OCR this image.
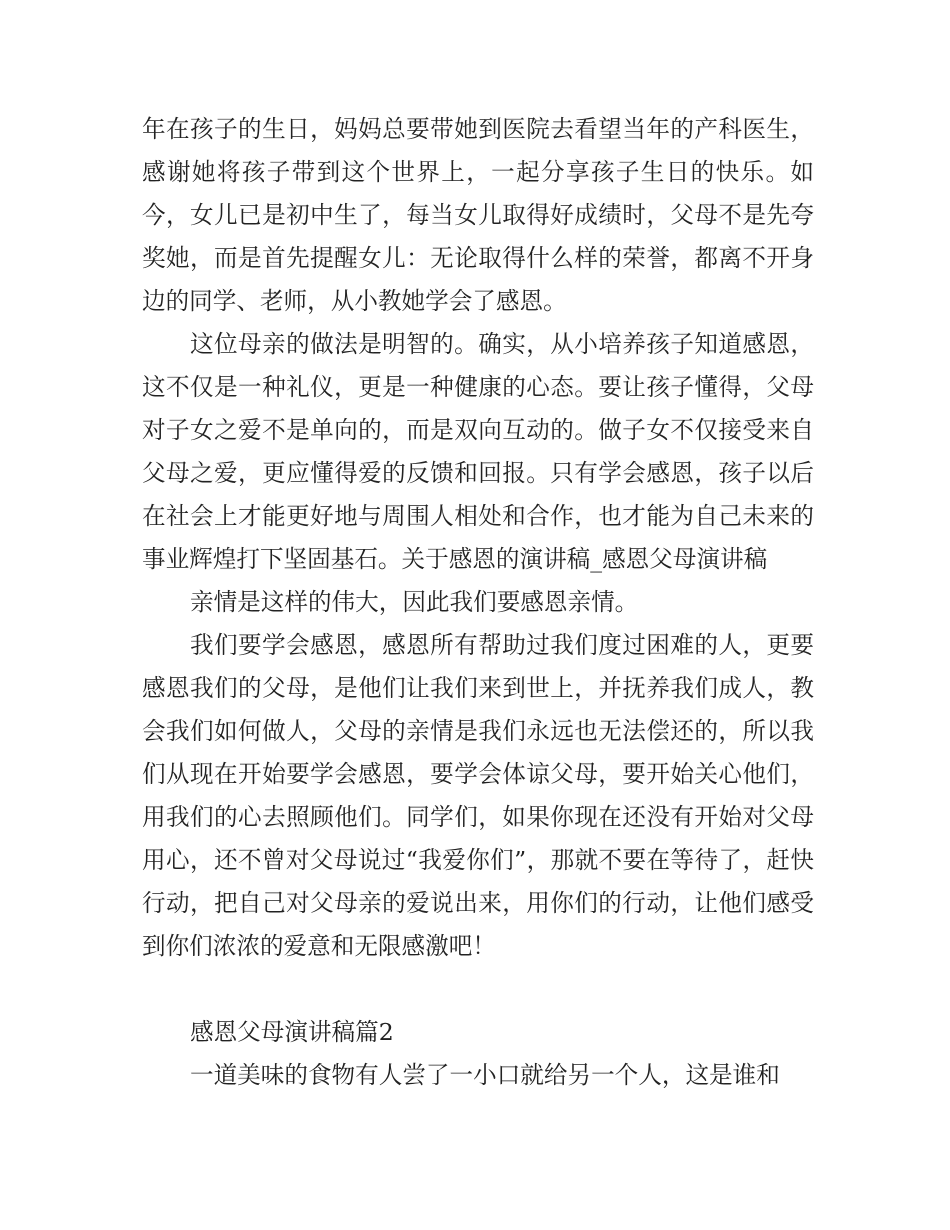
年在孩子的生日，妈妈总要带她到医院去看望当年的产科医生，感谢她将孩子带到这个世界上，一起分享孩子生日的快乐。如今，女儿已是初中生了，每当女儿取得好成绩时，父母不是先夸奖她，而是首先提醒女儿：无论取得什么样的荣誉，都离不开身边的同学、老师，从小教她学会了感恩。

这位母亲的做法是明智的。确实，从小培养孩子知道感恩，这不仅是一种礼仪，更是一种健康的心态。要让孩子懂得，父母对子女之爱不是单向的，而是双向互动的。做子女不仅接受来自父母之爱，更应懂得爱的反馈和回报。只有学会感恩，孩子以后在社会上才能更好地与周围人相处和合作，也才能为自己未来的事业辉煌打下坚固基石。关于感恩的演讲稿_感恩父母演讲稿

亲情是这样的伟大，因此我们要感恩亲情。

我们要学会感恩，感恩所有帮助过我们度过困难的人，更要感恩我们的父母，是他们让我们来到世上，并抚养我们成人，教会我们如何做人，父母的亲情是我们永远也无法偿还的，所以我们从现在开始要学会感恩，要学会体谅父母，要开始关心他们，用我们的心去照顾他们。同学们，如果你现在还没有开始对父母用心，还不曾对父母说过“我爱你们”，那就不要在等待了，赶快行动，把自己对父母亲的爱说出来，用你们的行动，让他们感受到你们浓浓的爱意和无限感激吧！

感恩父母演讲稿篇2

一道美味的食物有人尝了一小口就给另一个人，这是谁和
